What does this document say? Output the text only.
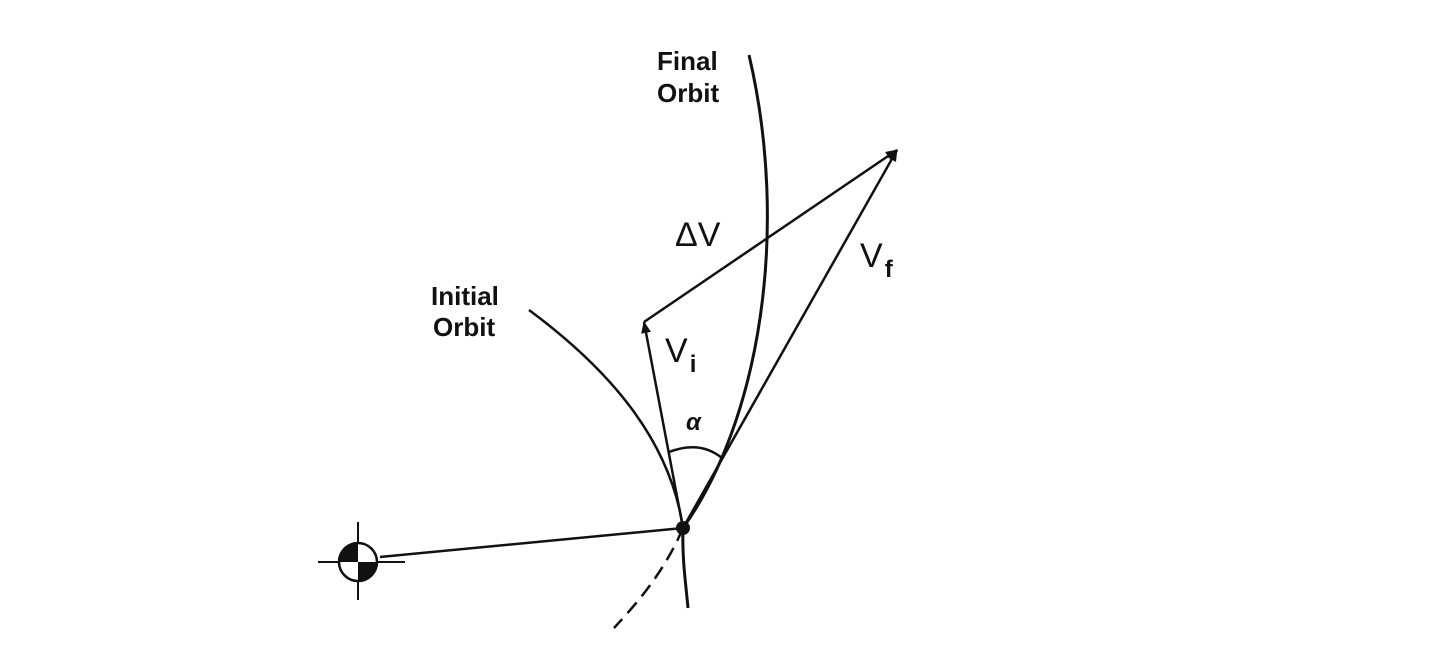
Final
Orbit
Initial
Orbit
ΔV
$V_i$
$V_f$
α
